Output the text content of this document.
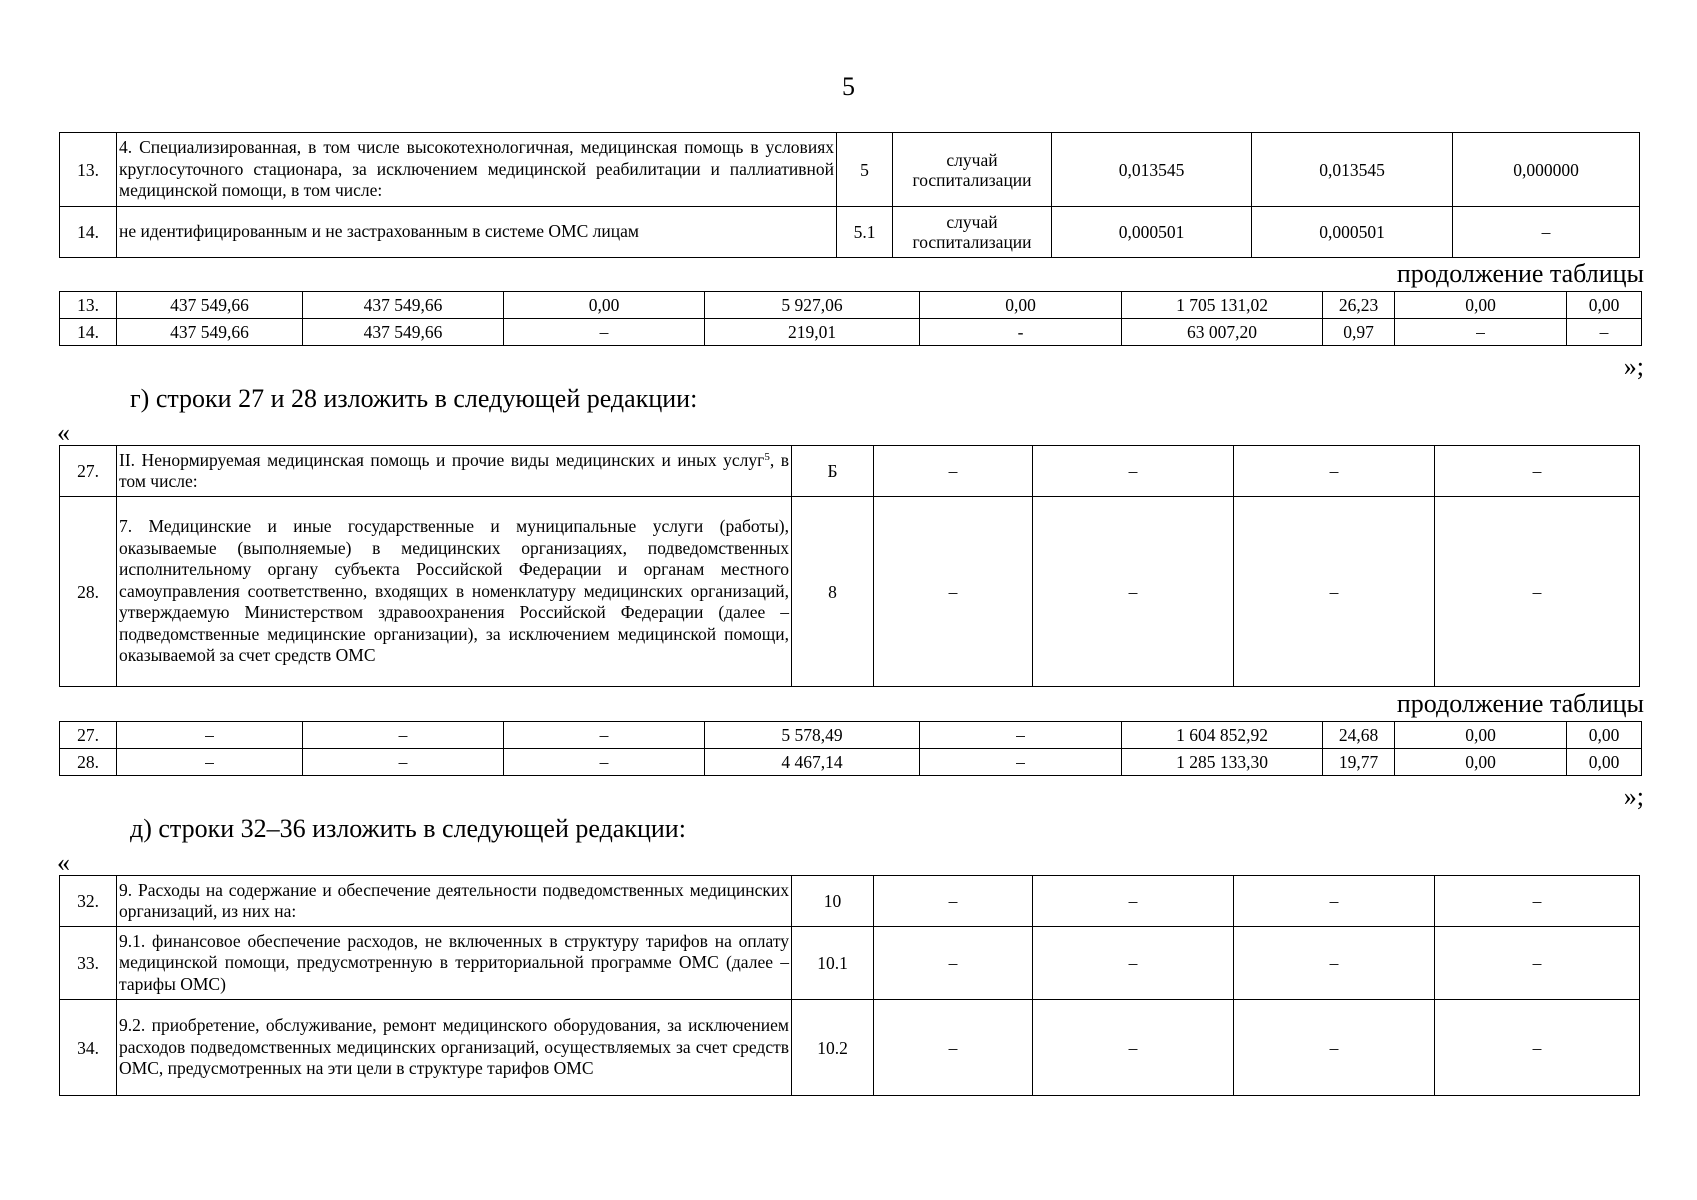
5
13.	4. Специализированная, в том числе высокотехнологичная, медицинская помощь в условиях круглосуточного стационара, за исключением медицинской реабилитации и паллиативной медицинской помощи, в том числе:	5	случай госпитализации	0,013545	0,013545	0,000000
14.	не идентифицированным и не застрахованным в системе ОМС лицам	5.1	случай госпитализации	0,000501	0,000501	–
продолжение таблицы
13.	437 549,66	437 549,66	0,00	5 927,06	0,00	1 705 131,02	26,23	0,00	0,00
14.	437 549,66	437 549,66	–	219,01	-	63 007,20	0,97	–	–
»;
г) строки 27 и 28 изложить в следующей редакции:
«
27.	II. Ненормируемая медицинская помощь и прочие виды медицинских и иных услуг$^5$, в том числе:	Б	–	–	–	–
28.	7. Медицинские и иные государственные и муниципальные услуги (работы), оказываемые (выполняемые) в медицинских организациях, подведомственных исполнительному органу субъекта Российской Федерации и органам местного самоуправления соответственно, входящих в номенклатуру медицинских организаций, утверждаемую Министерством здравоохранения Российской Федерации (далее – подведомственные медицинские организации), за исключением медицинской помощи, оказываемой за счет средств ОМС	8	–	–	–	–
продолжение таблицы
27.	–	–	–	5 578,49	–	1 604 852,92	24,68	0,00	0,00
28.	–	–	–	4 467,14	–	1 285 133,30	19,77	0,00	0,00
»;
д) строки 32–36 изложить в следующей редакции:
«
32.	9. Расходы на содержание и обеспечение деятельности подведомственных медицинских организаций, из них на:	10	–	–	–	–
33.	9.1. финансовое обеспечение расходов, не включенных в структуру тарифов на оплату медицинской помощи, предусмотренную в территориальной программе ОМС (далее – тарифы ОМС)	10.1	–	–	–	–
34.	9.2. приобретение, обслуживание, ремонт медицинского оборудования, за исключением расходов подведомственных медицинских организаций, осуществляемых за счет средств ОМС, предусмотренных на эти цели в структуре тарифов ОМС	10.2	–	–	–	–
